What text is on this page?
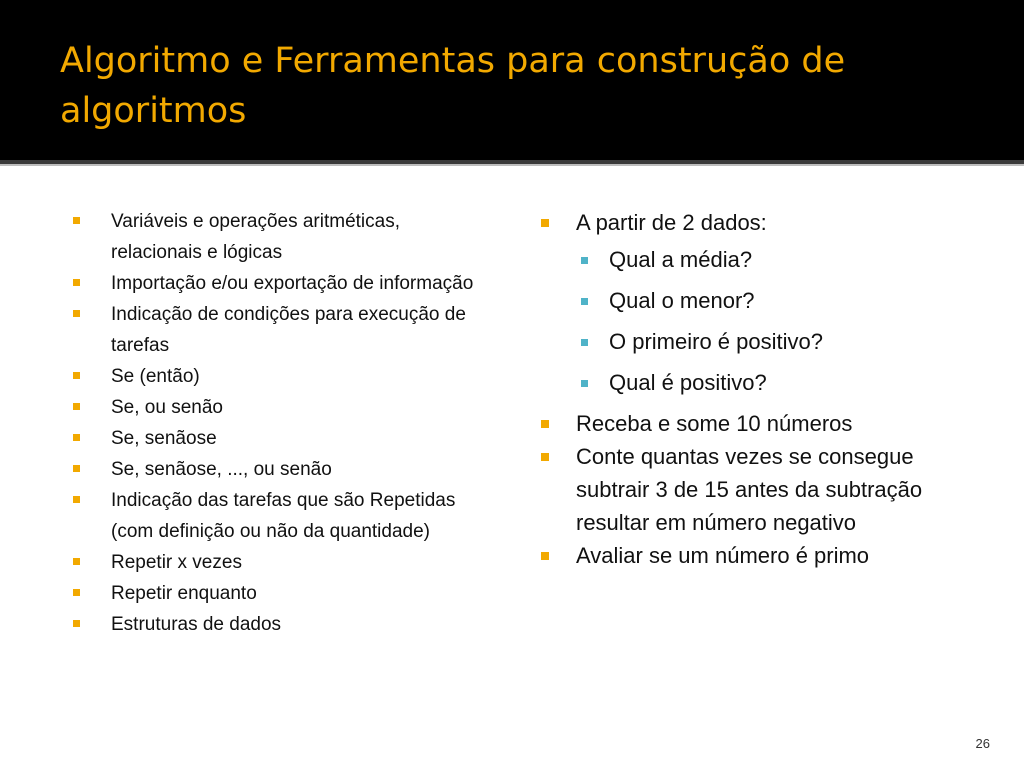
Algoritmo e Ferramentas para construção de algoritmos
Variáveis e operações aritméticas, relacionais e lógicas
Importação e/ou exportação de informação
Indicação de condições para execução de tarefas
Se (então)
Se, ou senão
Se, senãose
Se, senãose, ..., ou senão
Indicação das tarefas que são Repetidas (com definição ou não da quantidade)
Repetir x vezes
Repetir enquanto
Estruturas de dados
A partir de 2 dados:
Qual a média?
Qual o menor?
O primeiro é positivo?
Qual é positivo?
Receba e some 10 números
Conte quantas vezes se consegue subtrair 3 de 15 antes da subtração resultar em número negativo
Avaliar se um número é primo
26
